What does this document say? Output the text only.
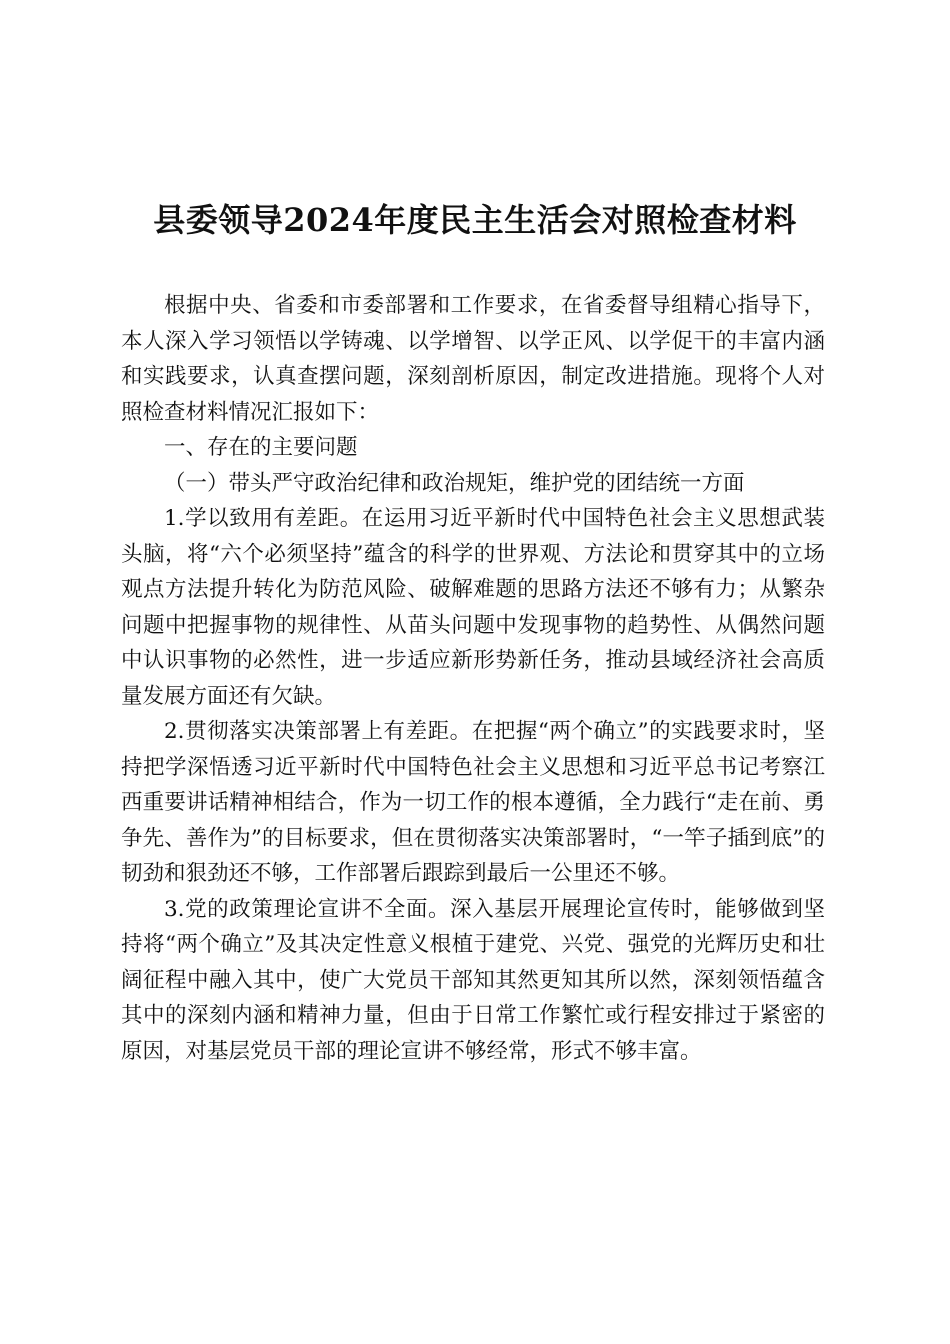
县委领导2024年度民主生活会对照检查材料

根据中央、省委和市委部署和工作要求，在省委督导组精心指导下，本人深入学习领悟以学铸魂、以学增智、以学正风、以学促干的丰富内涵和实践要求，认真查摆问题，深刻剖析原因，制定改进措施。现将个人对照检查材料情况汇报如下：

一、存在的主要问题

（一）带头严守政治纪律和政治规矩，维护党的团结统一方面

1.学以致用有差距。在运用习近平新时代中国特色社会主义思想武装头脑，将“六个必须坚持”蕴含的科学的世界观、方法论和贯穿其中的立场观点方法提升转化为防范风险、破解难题的思路方法还不够有力；从繁杂问题中把握事物的规律性、从苗头问题中发现事物的趋势性、从偶然问题中认识事物的必然性，进一步适应新形势新任务，推动县域经济社会高质量发展方面还有欠缺。

2.贯彻落实决策部署上有差距。在把握“两个确立”的实践要求时，坚持把学深悟透习近平新时代中国特色社会主义思想和习近平总书记考察江西重要讲话精神相结合，作为一切工作的根本遵循，全力践行“走在前、勇争先、善作为”的目标要求，但在贯彻落实决策部署时，“一竿子插到底”的韧劲和狠劲还不够，工作部署后跟踪到最后一公里还不够。

3.党的政策理论宣讲不全面。深入基层开展理论宣传时，能够做到坚持将“两个确立”及其决定性意义根植于建党、兴党、强党的光辉历史和壮阔征程中融入其中，使广大党员干部知其然更知其所以然，深刻领悟蕴含其中的深刻内涵和精神力量，但由于日常工作繁忙或行程安排过于紧密的原因，对基层党员干部的理论宣讲不够经常，形式不够丰富。
